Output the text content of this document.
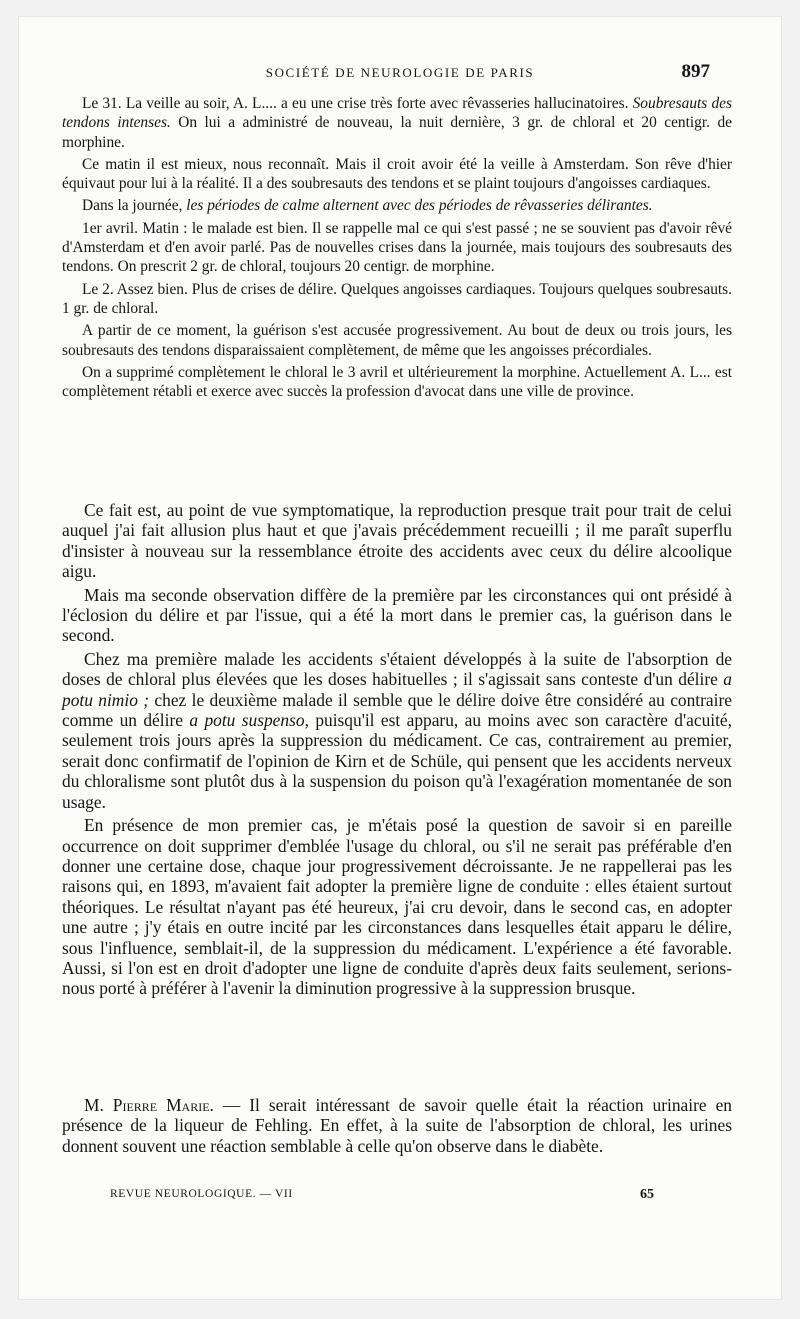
SOCIÉTÉ DE NEUROLOGIE DE PARIS	897

Le 31. La veille au soir, A. L.... a eu une crise très forte avec rêvasseries hallucinatoires. Soubresauts des tendons intenses. On lui a administré de nouveau, la nuit dernière, 3 gr. de chloral et 20 centigr. de morphine.

Ce matin il est mieux, nous reconnaît. Mais il croit avoir été la veille à Amsterdam. Son rêve d'hier équivaut pour lui à la réalité. Il a des soubresauts des tendons et se plaint toujours d'angoisses cardiaques.

Dans la journée, les périodes de calme alternent avec des périodes de rêvasseries délirantes.

1er avril. Matin : le malade est bien. Il se rappelle mal ce qui s'est passé ; ne se souvient pas d'avoir rêvé d'Amsterdam et d'en avoir parlé. Pas de nouvelles crises dans la journée, mais toujours des soubresauts des tendons. On prescrit 2 gr. de chloral, toujours 20 centigr. de morphine.

Le 2. Assez bien. Plus de crises de délire. Quelques angoisses cardiaques. Toujours quelques soubresauts. 1 gr. de chloral.

A partir de ce moment, la guérison s'est accusée progressivement. Au bout de deux ou trois jours, les soubresauts des tendons disparaissaient complètement, de même que les angoisses précordiales.

On a supprimé complètement le chloral le 3 avril et ultérieurement la morphine. Actuellement A. L... est complètement rétabli et exerce avec succès la profession d'avocat dans une ville de province.

Ce fait est, au point de vue symptomatique, la reproduction presque trait pour trait de celui auquel j'ai fait allusion plus haut et que j'avais précédemment recueilli ; il me paraît superflu d'insister à nouveau sur la ressemblance étroite des accidents avec ceux du délire alcoolique aigu.

Mais ma seconde observation diffère de la première par les circonstances qui ont présidé à l'éclosion du délire et par l'issue, qui a été la mort dans le premier cas, la guérison dans le second.

Chez ma première malade les accidents s'étaient développés à la suite de l'absorption de doses de chloral plus élevées que les doses habituelles ; il s'agissait sans conteste d'un délire a potu nimio ; chez le deuxième malade il semble que le délire doive être considéré au contraire comme un délire a potu suspenso, puisqu'il est apparu, au moins avec son caractère d'acuité, seulement trois jours après la suppression du médicament. Ce cas, contrairement au premier, serait donc confirmatif de l'opinion de Kirn et de Schüle, qui pensent que les accidents nerveux du chloralisme sont plutôt dus à la suspension du poison qu'à l'exagération momentanée de son usage.

En présence de mon premier cas, je m'étais posé la question de savoir si en pareille occurrence on doit supprimer d'emblée l'usage du chloral, ou s'il ne serait pas préférable d'en donner une certaine dose, chaque jour progressivement décroissante. Je ne rappellerai pas les raisons qui, en 1893, m'avaient fait adopter la première ligne de conduite : elles étaient surtout théoriques. Le résultat n'ayant pas été heureux, j'ai cru devoir, dans le second cas, en adopter une autre ; j'y étais en outre incité par les circonstances dans lesquelles était apparu le délire, sous l'influence, semblait-il, de la suppression du médicament. L'expérience a été favorable. Aussi, si l'on est en droit d'adopter une ligne de conduite d'après deux faits seulement, serions-nous porté à préférer à l'avenir la diminution progressive à la suppression brusque.

M. Pierre Marie. — Il serait intéressant de savoir quelle était la réaction urinaire en présence de la liqueur de Fehling. En effet, à la suite de l'absorption de chloral, les urines donnent souvent une réaction semblable à celle qu'on observe dans le diabète.

REVUE NEUROLOGIQUE. — VII	65
